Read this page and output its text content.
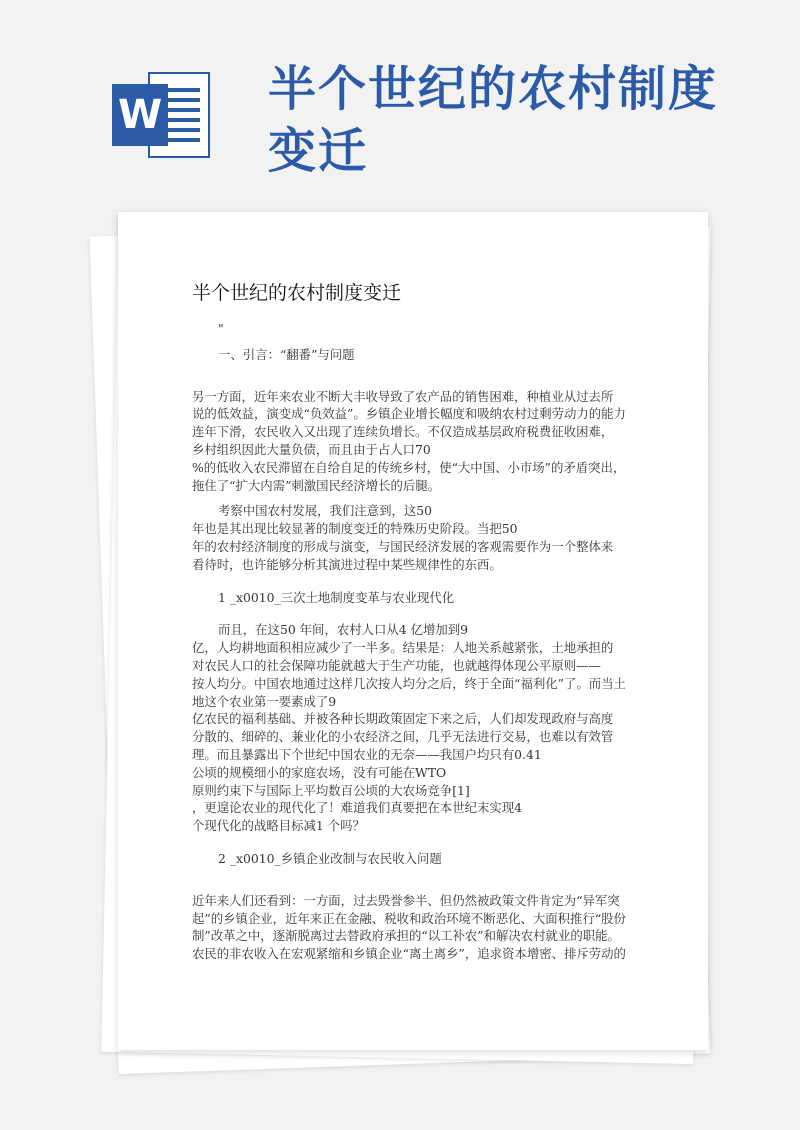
W 半个世纪的农村制度变迁
半个世纪的农村制度变迁

"

一、引言：“翻番”与问题

另一方面，近年来农业不断大丰收导致了农产品的销售困难，种植业从过去所

说的低效益，演变成“负效益”。乡镇企业增长幅度和吸纳农村过剩劳动力的能力

连年下滑，农民收入又出现了连续负增长。不仅造成基层政府税费征收困难，

乡村组织因此大量负债，而且由于占人口70

%的低收入农民滞留在自给自足的传统乡村，使“大中国、小市场”的矛盾突出，

拖住了“扩大内需”刺激国民经济增长的后腿。

考察中国农村发展，我们注意到，这50

年也是其出现比较显著的制度变迁的特殊历史阶段。当把50

年的农村经济制度的形成与演变，与国民经济发展的客观需要作为一个整体来

看待时，也许能够分析其演进过程中某些规律性的东西。

1 _x0010_三次土地制度变革与农业现代化

而且，在这50 年间，农村人口从4 亿增加到9

亿，人均耕地面积相应减少了一半多。结果是：人地关系越紧张，土地承担的

对农民人口的社会保障功能就越大于生产功能，也就越得体现公平原则——

按人均分。中国农地通过这样几次按人均分之后，终于全面“福利化”了。而当土

地这个农业第一要素成了9

亿农民的福利基础、并被各种长期政策固定下来之后，人们却发现政府与高度

分散的、细碎的、兼业化的小农经济之间，几乎无法进行交易，也难以有效管

理。而且暴露出下个世纪中国农业的无奈——我国户均只有0.41

公顷的规模细小的家庭农场，没有可能在WTO

原则约束下与国际上平均数百公顷的大农场竞争[1]

，更遑论农业的现代化了！难道我们真要把在本世纪末实现4

个现代化的战略目标减1 个吗？

2 _x0010_乡镇企业改制与农民收入问题

近年来人们还看到：一方面，过去毁誉参半、但仍然被政策文件肯定为“异军突

起”的乡镇企业，近年来正在金融、税收和政治环境不断恶化、大面积推行“股份

制”改革之中，逐渐脱离过去替政府承担的“以工补农”和解决农村就业的职能。

农民的非农收入在宏观紧缩和乡镇企业“离土离乡”，追求资本增密、排斥劳动的
